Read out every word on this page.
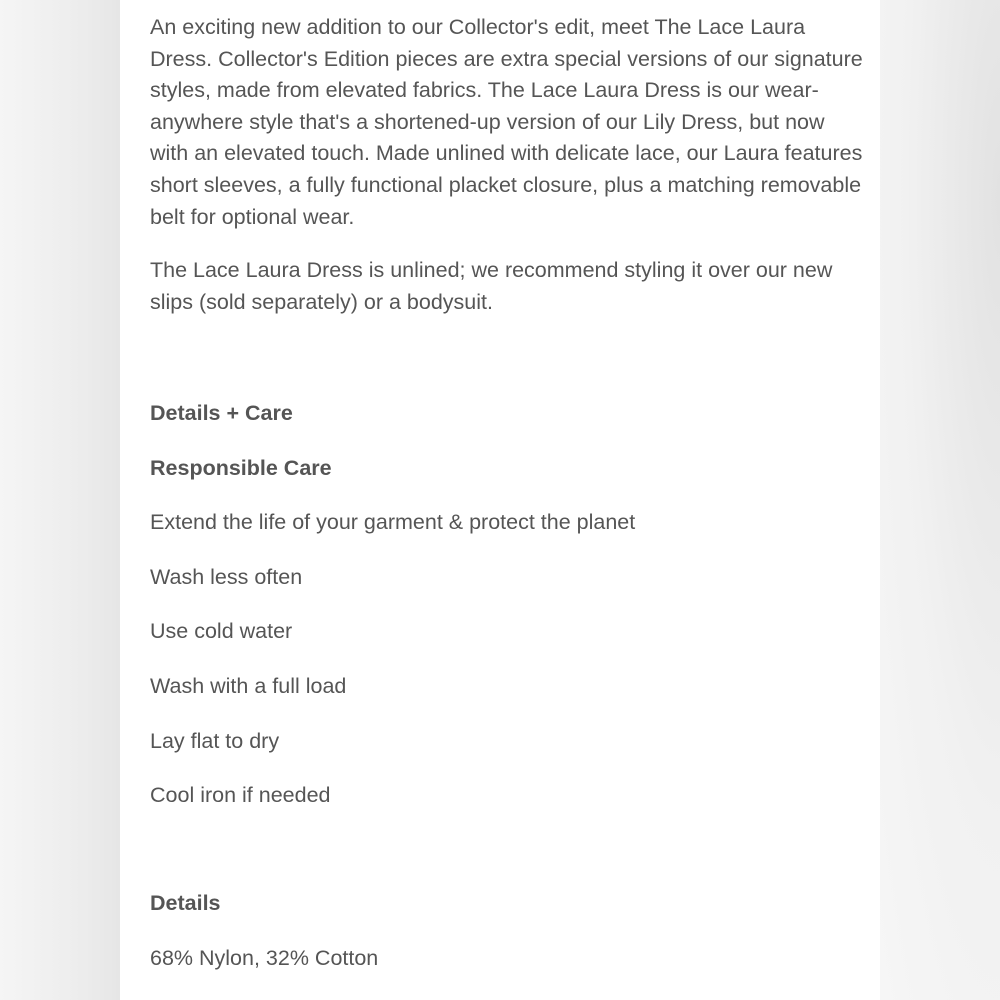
An exciting new addition to our Collector's edit, meet The Lace Laura Dress. Collector's Edition pieces are extra special versions of our signature styles, made from elevated fabrics. The Lace Laura Dress is our wear-anywhere style that's a shortened-up version of our Lily Dress, but now with an elevated touch. Made unlined with delicate lace, our Laura features short sleeves, a fully functional placket closure, plus a matching removable belt for optional wear.

The Lace Laura Dress is unlined; we recommend styling it over our new slips (sold separately) or a bodysuit.

Details + Care
Responsible Care

Extend the life of your garment & protect the planet

Wash less often

Use cold water

Wash with a full load

Lay flat to dry

Cool iron if needed

Details

68% Nylon, 32% Cotton
